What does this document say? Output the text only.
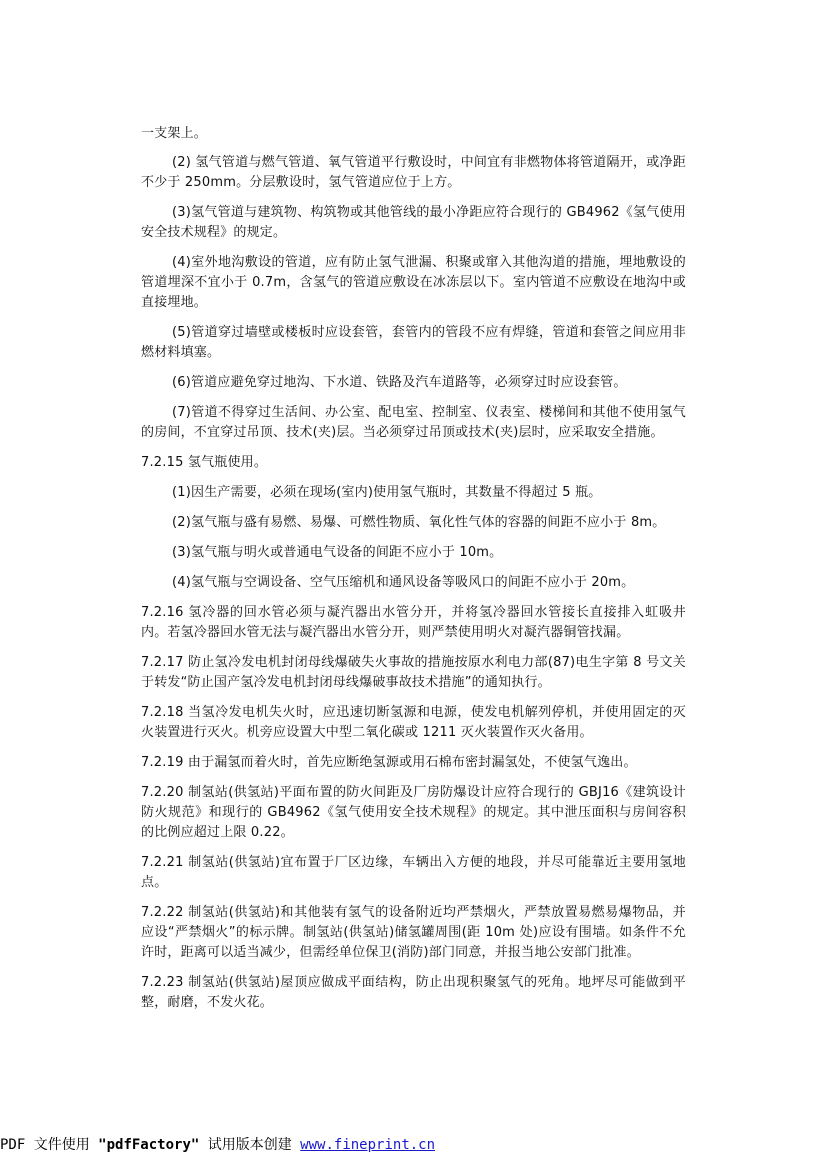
一支架上。

(2) 氢气管道与燃气管道、氧气管道平行敷设时，中间宜有非燃物体将管道隔开，或净距不少于 250mm。分层敷设时，氢气管道应位于上方。

(3)氢气管道与建筑物、构筑物或其他管线的最小净距应符合现行的 GB4962《氢气使用安全技术规程》的规定。

(4)室外地沟敷设的管道，应有防止氢气泄漏、积聚或窜入其他沟道的措施，埋地敷设的管道埋深不宜小于 0.7m，含氢气的管道应敷设在冰冻层以下。室内管道不应敷设在地沟中或直接埋地。

(5)管道穿过墙壁或楼板时应设套管，套管内的管段不应有焊缝，管道和套管之间应用非燃材料填塞。

(6)管道应避免穿过地沟、下水道、铁路及汽车道路等，必须穿过时应设套管。

(7)管道不得穿过生活间、办公室、配电室、控制室、仪表室、楼梯间和其他不使用氢气的房间，不宜穿过吊顶、技术(夹)层。当必须穿过吊顶或技术(夹)层时，应采取安全措施。

7.2.15 氢气瓶使用。

(1)因生产需要，必须在现场(室内)使用氢气瓶时，其数量不得超过 5 瓶。

(2)氢气瓶与盛有易燃、易爆、可燃性物质、氧化性气体的容器的间距不应小于 8m。

(3)氢气瓶与明火或普通电气设备的间距不应小于 10m。

(4)氢气瓶与空调设备、空气压缩机和通风设备等吸风口的间距不应小于 20m。

7.2.16 氢冷器的回水管必须与凝汽器出水管分开，并将氢冷器回水管接长直接排入虹吸井内。若氢冷器回水管无法与凝汽器出水管分开，则严禁使用明火对凝汽器铜管找漏。

7.2.17 防止氢冷发电机封闭母线爆破失火事故的措施按原水利电力部(87)电生字第 8 号文关于转发“防止国产氢冷发电机封闭母线爆破事故技术措施”的通知执行。

7.2.18 当氢冷发电机失火时，应迅速切断氢源和电源，使发电机解列停机，并使用固定的灭火装置进行灭火。机旁应设置大中型二氧化碳或 1211 灭火装置作灭火备用。

7.2.19 由于漏氢而着火时，首先应断绝氢源或用石棉布密封漏氢处，不使氢气逸出。

7.2.20 制氢站(供氢站)平面布置的防火间距及厂房防爆设计应符合现行的 GBJ16《建筑设计防火规范》和现行的 GB4962《氢气使用安全技术规程》的规定。其中泄压面积与房间容积的比例应超过上限 0.22。

7.2.21 制氢站(供氢站)宜布置于厂区边缘，车辆出入方便的地段，并尽可能靠近主要用氢地点。

7.2.22 制氢站(供氢站)和其他装有氢气的设备附近均严禁烟火，严禁放置易燃易爆物品，并应设“严禁烟火”的标示牌。制氢站(供氢站)储氢罐周围(距 10m 处)应设有围墙。如条件不允许时，距离可以适当减少，但需经单位保卫(消防)部门同意，并报当地公安部门批准。

7.2.23 制氢站(供氢站)屋顶应做成平面结构，防止出现积聚氢气的死角。地坪尽可能做到平整，耐磨，不发火花。

PDF 文件使用 "pdfFactory" 试用版本创建 www.fineprint.cn
